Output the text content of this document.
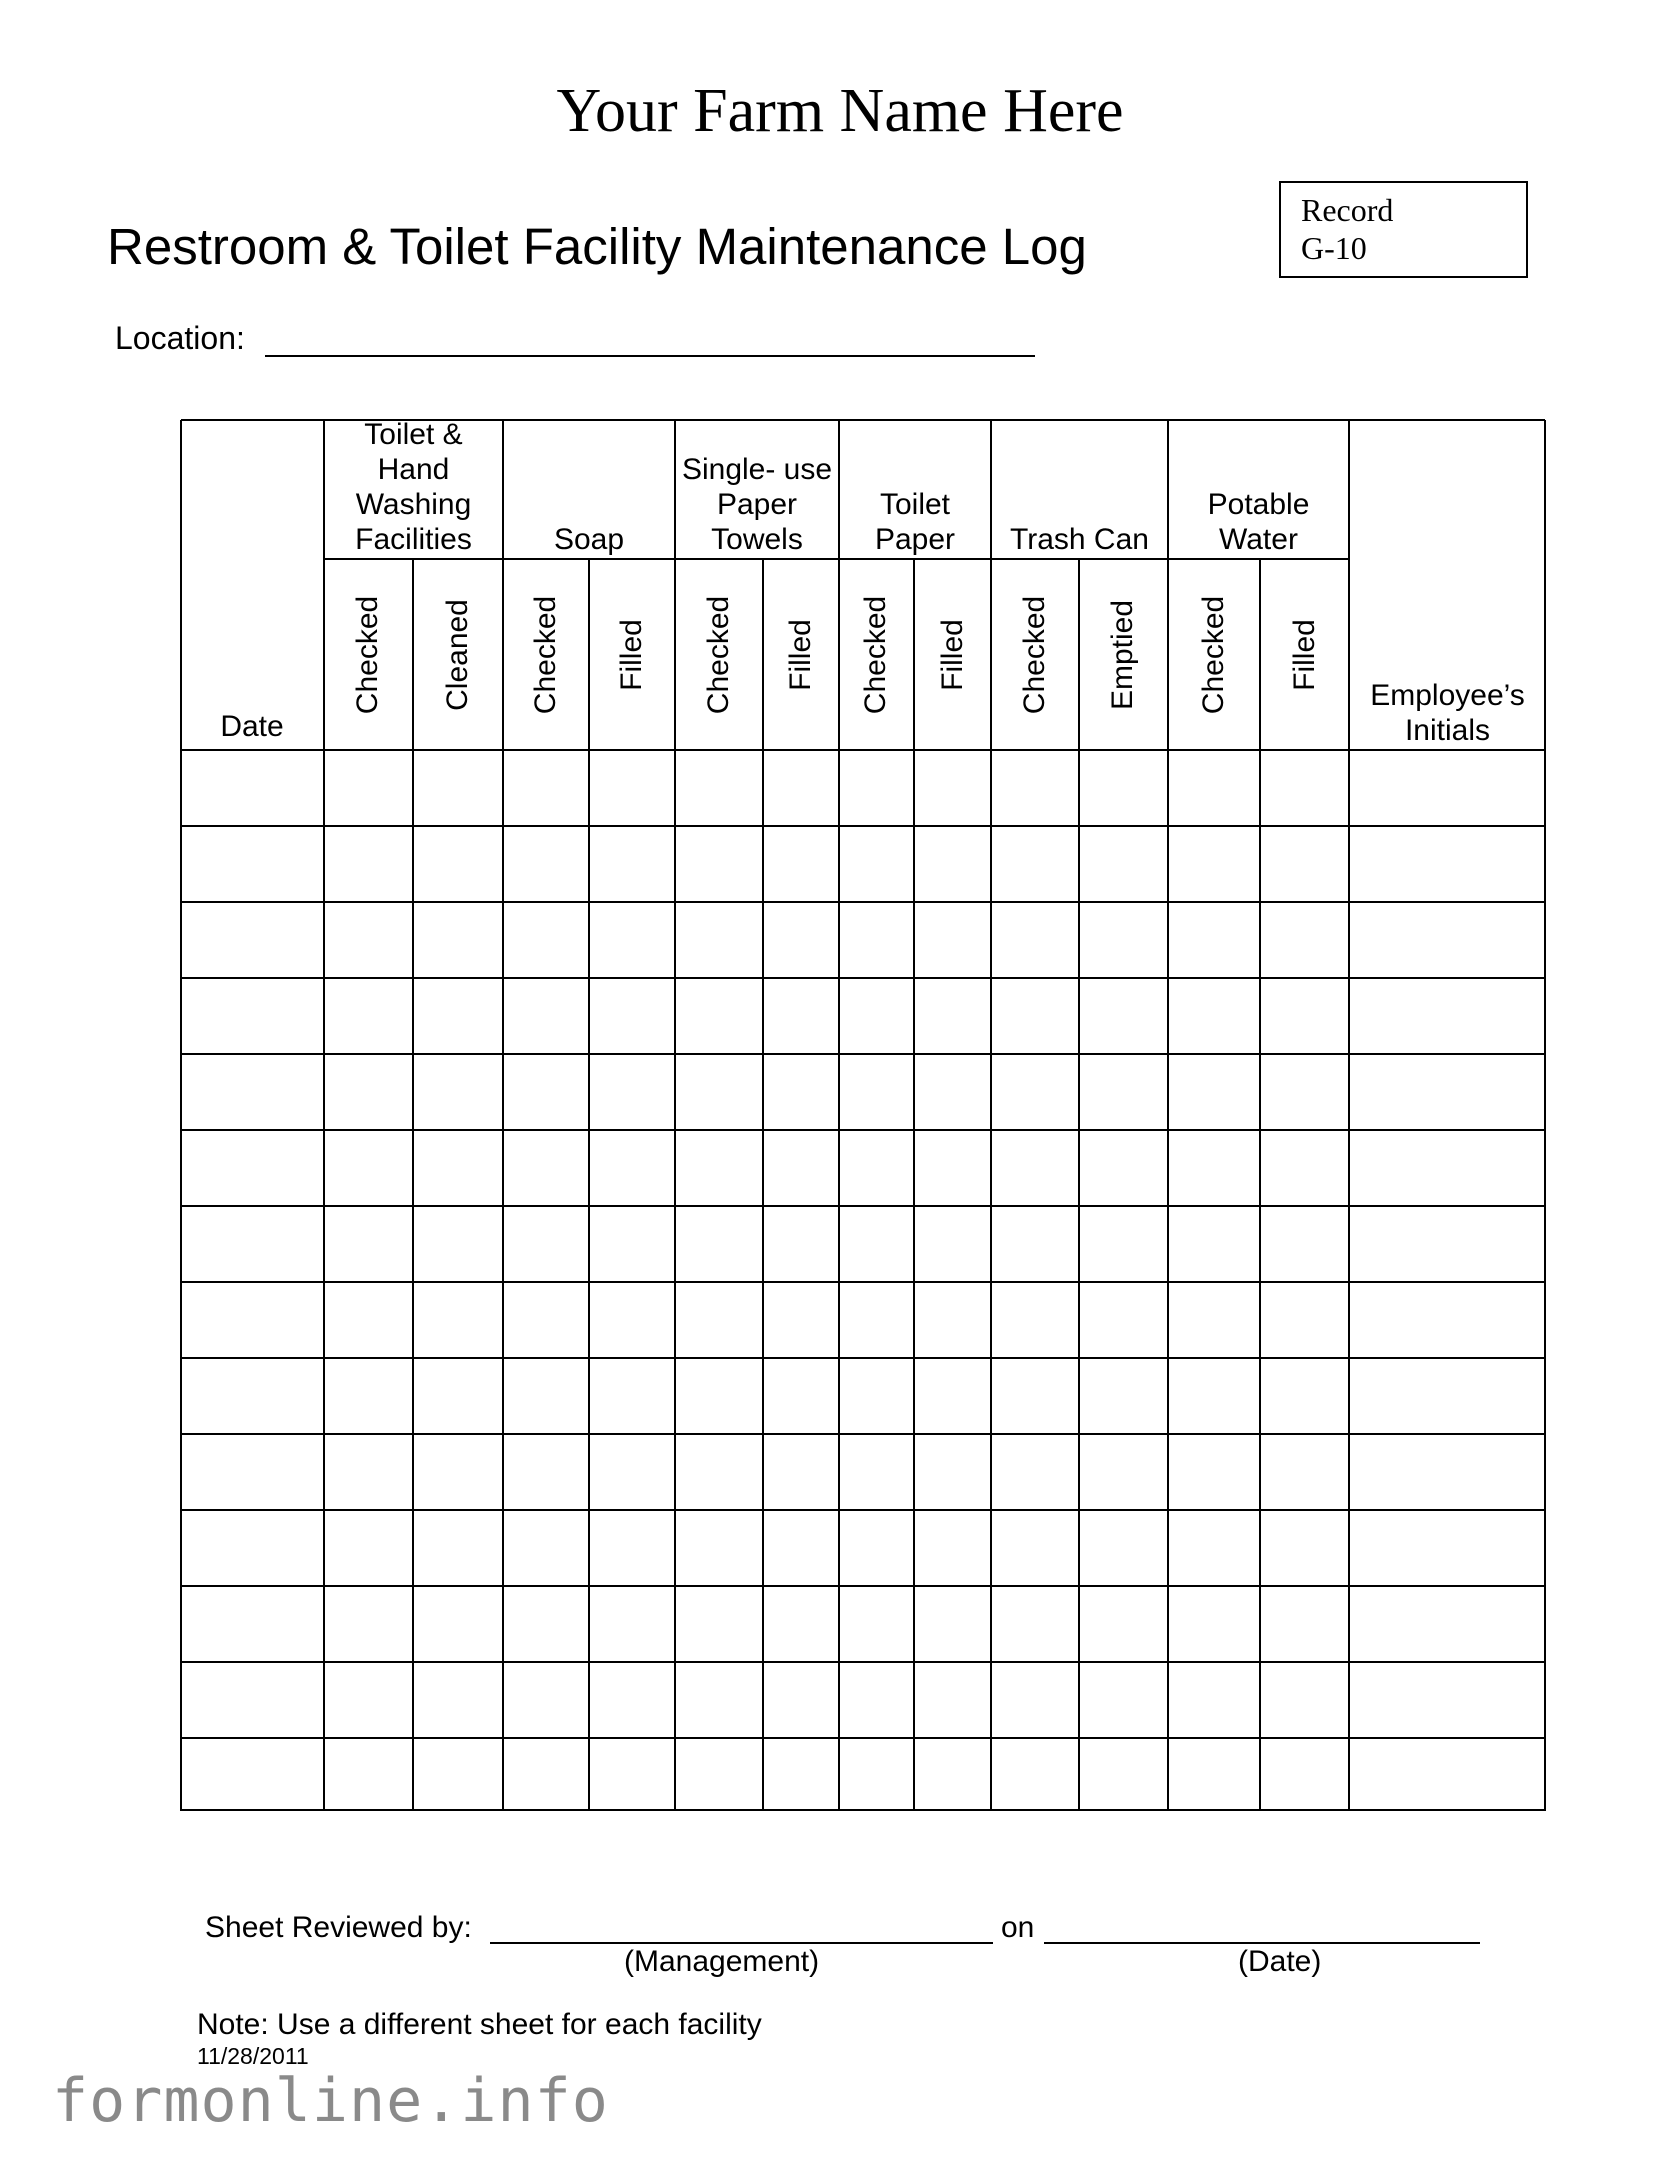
Your Farm Name Here
Restroom & Toilet Facility Maintenance Log
Record
G-10
Location:
Date
Toilet & Hand Washing Facilities
Checked Cleaned
Soap
Checked Filled
Single- use Paper Towels
Checked Filled
Toilet Paper
Checked Filled
Trash Can
Checked Emptied
Potable Water
Checked Filled
Employee’s Initials
Sheet Reviewed by:	on
(Management)	(Date)
Note: Use a different sheet for each facility
11/28/2011
formonline.info
